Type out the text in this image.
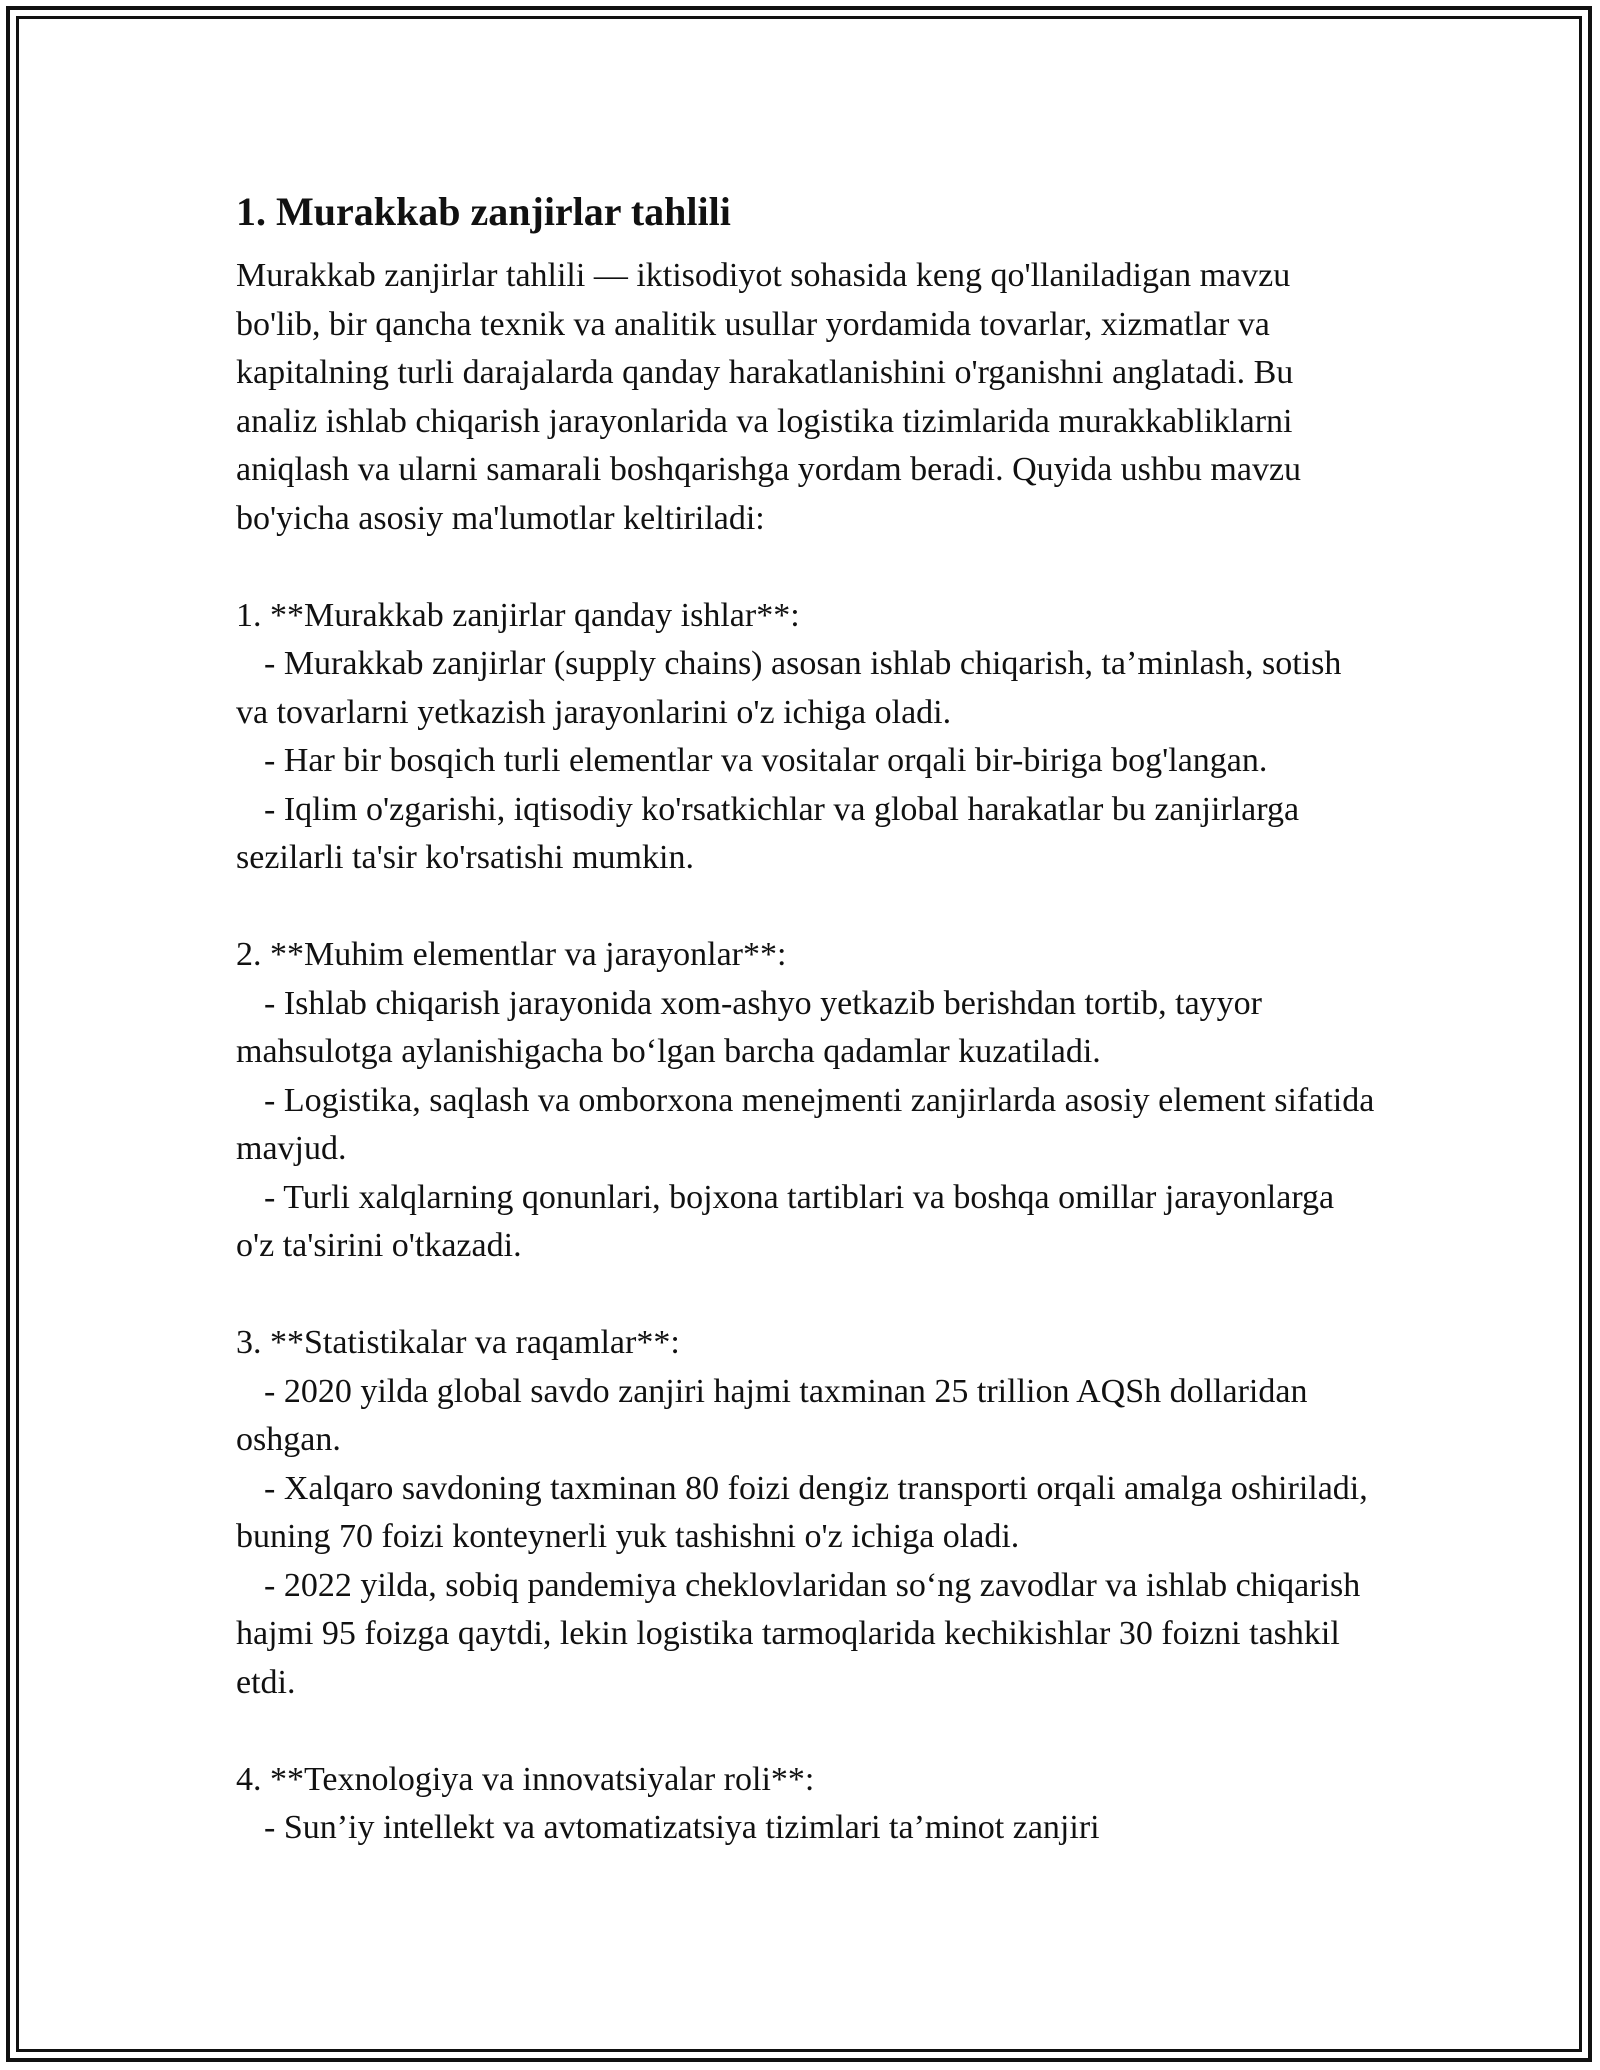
1. Murakkab zanjirlar tahlili

Murakkab zanjirlar tahlili — iktisodiyot sohasida keng qo'llaniladigan mavzu bo'lib, bir qancha texnik va analitik usullar yordamida tovarlar, xizmatlar va kapitalning turli darajalarda qanday harakatlanishini o'rganishni anglatadi. Bu analiz ishlab chiqarish jarayonlarida va logistika tizimlarida murakkabliklarni aniqlash va ularni samarali boshqarishga yordam beradi. Quyida ushbu mavzu bo'yicha asosiy ma'lumotlar keltiriladi:

1. **Murakkab zanjirlar qanday ishlar**:

- Murakkab zanjirlar (supply chains) asosan ishlab chiqarish, ta’minlash, sotish va tovarlarni yetkazish jarayonlarini o'z ichiga oladi.

- Har bir bosqich turli elementlar va vositalar orqali bir-biriga bog'langan.

- Iqlim o'zgarishi, iqtisodiy ko'rsatkichlar va global harakatlar bu zanjirlarga sezilarli ta'sir ko'rsatishi mumkin.

2. **Muhim elementlar va jarayonlar**:

- Ishlab chiqarish jarayonida xom-ashyo yetkazib berishdan tortib, tayyor mahsulotga aylanishigacha bo‘lgan barcha qadamlar kuzatiladi.

- Logistika, saqlash va omborxona menejmenti zanjirlarda asosiy element sifatida mavjud.

- Turli xalqlarning qonunlari, bojxona tartiblari va boshqa omillar jarayonlarga o'z ta'sirini o'tkazadi.

3. **Statistikalar va raqamlar**:

- 2020 yilda global savdo zanjiri hajmi taxminan 25 trillion AQSh dollaridan oshgan.

- Xalqaro savdoning taxminan 80 foizi dengiz transporti orqali amalga oshiriladi, buning 70 foizi konteynerli yuk tashishni o'z ichiga oladi.

- 2022 yilda, sobiq pandemiya cheklovlaridan so‘ng zavodlar va ishlab chiqarish hajmi 95 foizga qaytdi, lekin logistika tarmoqlarida kechikishlar 30 foizni tashkil etdi.

4. **Texnologiya va innovatsiyalar roli**:

- Sun’iy intellekt va avtomatizatsiya tizimlari ta’minot zanjiri
